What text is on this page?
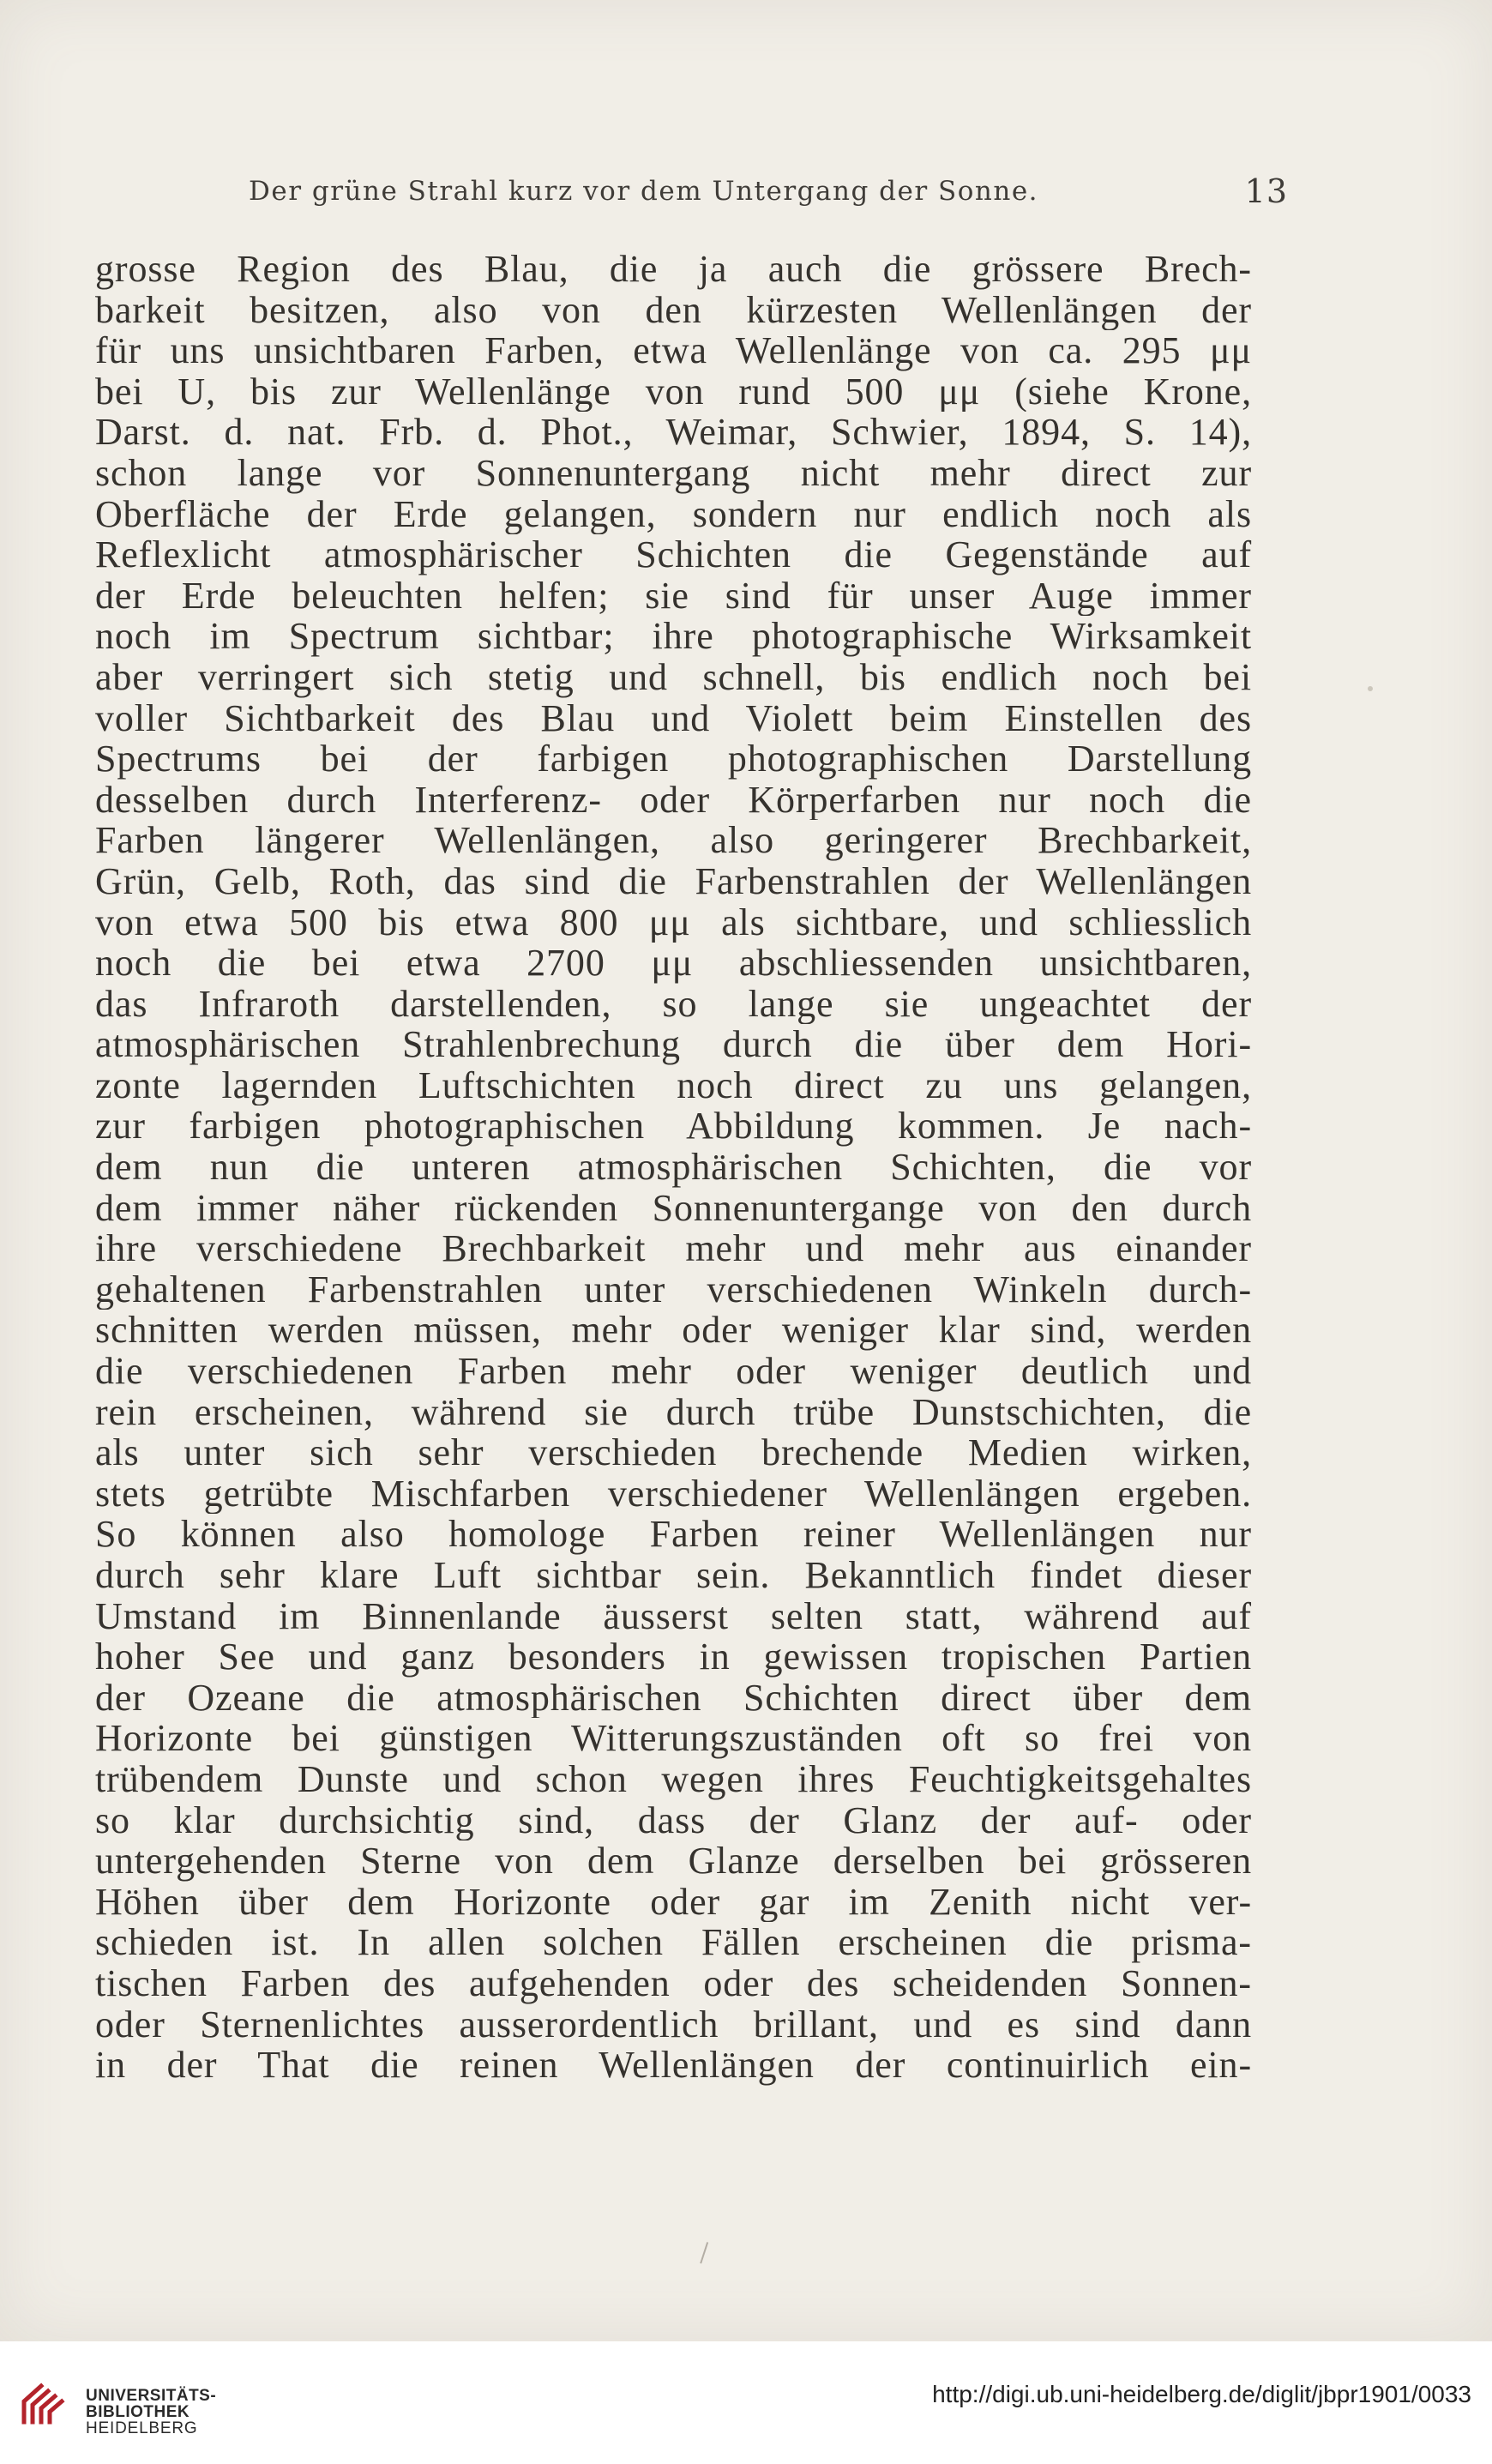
Der grüne Strahl kurz vor dem Untergang der Sonne.	13
grosse Region des Blau, die ja auch die grössere Brech-
barkeit besitzen, also von den kürzesten Wellenlängen der
für uns unsichtbaren Farben, etwa Wellenlänge von ca. 295 μμ
bei U, bis zur Wellenlänge von rund 500 μμ (siehe Krone,
Darst. d. nat. Frb. d. Phot., Weimar, Schwier, 1894, S. 14),
schon lange vor Sonnenuntergang nicht mehr direct zur
Oberfläche der Erde gelangen, sondern nur endlich noch als
Reflexlicht atmosphärischer Schichten die Gegenstände auf
der Erde beleuchten helfen; sie sind für unser Auge immer
noch im Spectrum sichtbar; ihre photographische Wirksamkeit
aber verringert sich stetig und schnell, bis endlich noch bei
voller Sichtbarkeit des Blau und Violett beim Einstellen des
Spectrums bei der farbigen photographischen Darstellung
desselben durch Interferenz- oder Körperfarben nur noch die
Farben längerer Wellenlängen, also geringerer Brechbarkeit,
Grün, Gelb, Roth, das sind die Farbenstrahlen der Wellenlängen
von etwa 500 bis etwa 800 μμ als sichtbare, und schliesslich
noch die bei etwa 2700 μμ abschliessenden unsichtbaren,
das Infraroth darstellenden, so lange sie ungeachtet der
atmosphärischen Strahlenbrechung durch die über dem Hori-
zonte lagernden Luftschichten noch direct zu uns gelangen,
zur farbigen photographischen Abbildung kommen. Je nach-
dem nun die unteren atmosphärischen Schichten, die vor
dem immer näher rückenden Sonnenuntergange von den durch
ihre verschiedene Brechbarkeit mehr und mehr aus einander
gehaltenen Farbenstrahlen unter verschiedenen Winkeln durch-
schnitten werden müssen, mehr oder weniger klar sind, werden
die verschiedenen Farben mehr oder weniger deutlich und
rein erscheinen, während sie durch trübe Dunstschichten, die
als unter sich sehr verschieden brechende Medien wirken,
stets getrübte Mischfarben verschiedener Wellenlängen ergeben.
So können also homologe Farben reiner Wellenlängen nur
durch sehr klare Luft sichtbar sein. Bekanntlich findet dieser
Umstand im Binnenlande äusserst selten statt, während auf
hoher See und ganz besonders in gewissen tropischen Partien
der Ozeane die atmosphärischen Schichten direct über dem
Horizonte bei günstigen Witterungszuständen oft so frei von
trübendem Dunste und schon wegen ihres Feuchtigkeitsgehaltes
so klar durchsichtig sind, dass der Glanz der auf- oder
untergehenden Sterne von dem Glanze derselben bei grösseren
Höhen über dem Horizonte oder gar im Zenith nicht ver-
schieden ist. In allen solchen Fällen erscheinen die prisma-
tischen Farben des aufgehenden oder des scheidenden Sonnen-
oder Sternenlichtes ausserordentlich brillant, und es sind dann
in der That die reinen Wellenlängen der continuirlich ein-
UNIVERSITÄTS-
BIBLIOTHEK
HEIDELBERG
http://digi.ub.uni-heidelberg.de/diglit/jbpr1901/0033
